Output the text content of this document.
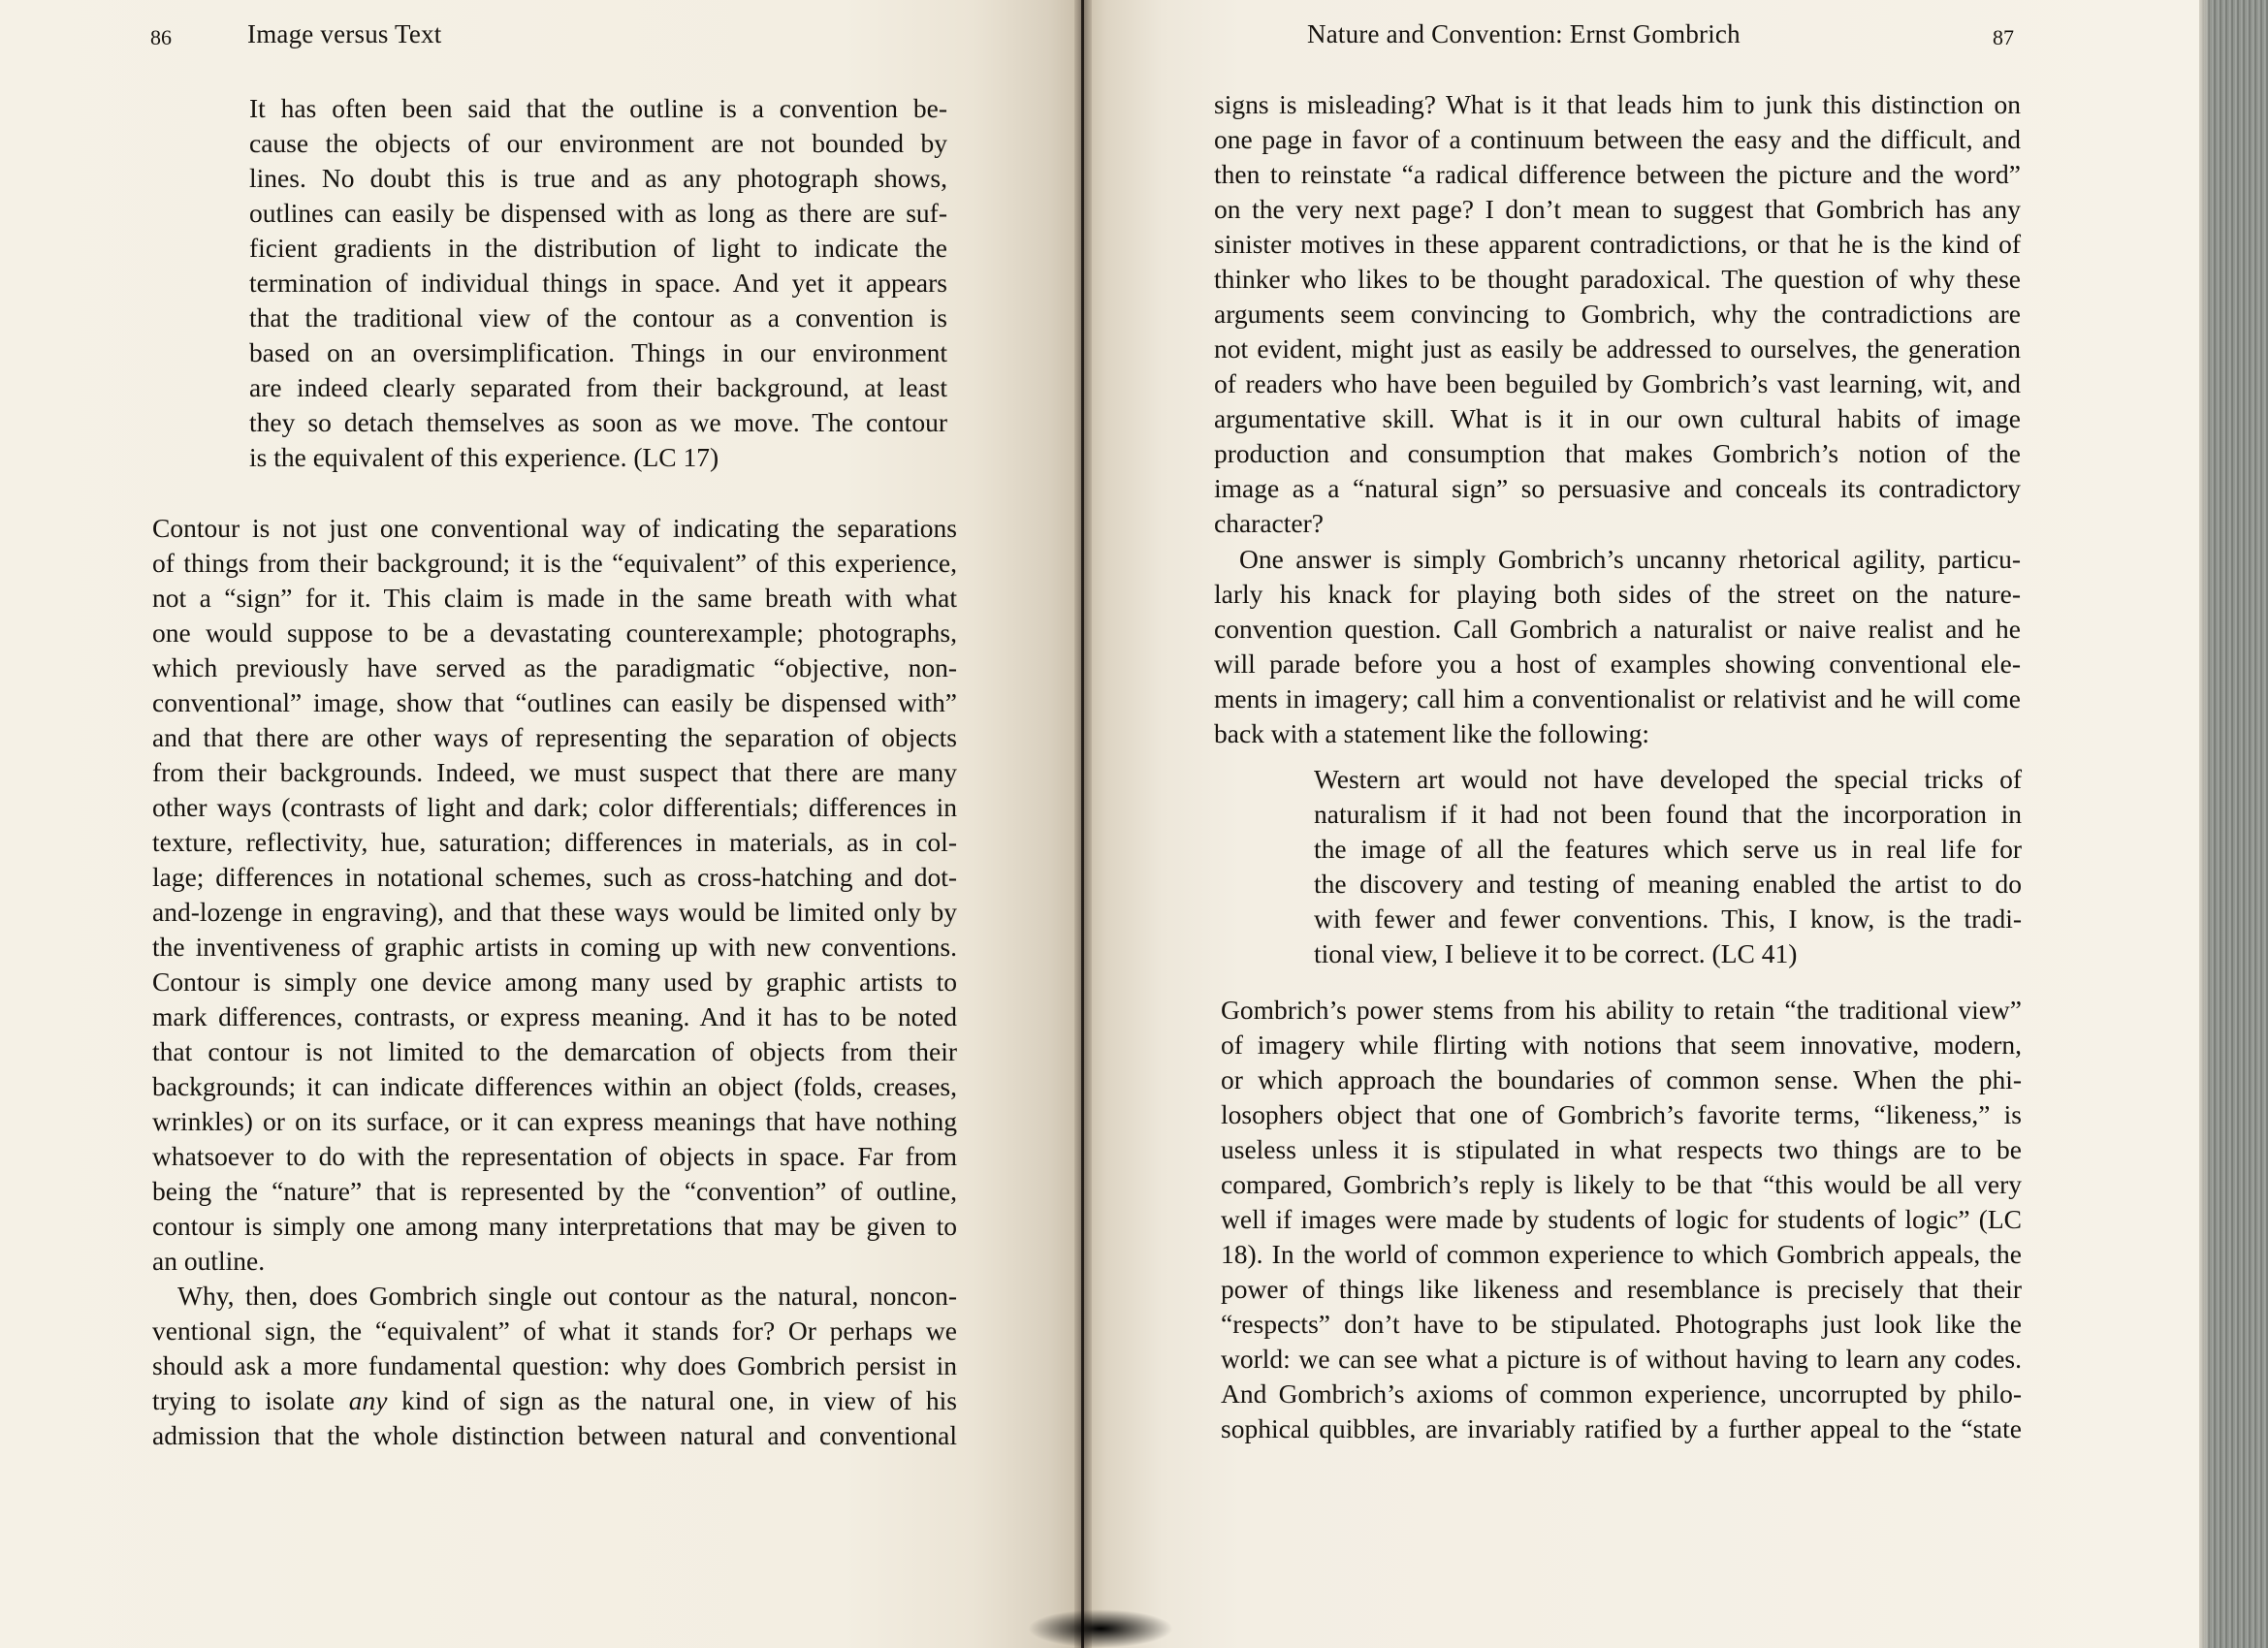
86	Image versus Text
It has often been said that the outline is a convention be-
cause the objects of our environment are not bounded by
lines. No doubt this is true and as any photograph shows,
outlines can easily be dispensed with as long as there are suf-
ficient gradients in the distribution of light to indicate the
termination of individual things in space. And yet it appears
that the traditional view of the contour as a convention is
based on an oversimplification. Things in our environment
are indeed clearly separated from their background, at least
they so detach themselves as soon as we move. The contour
is the equivalent of this experience. (LC 17)
Contour is not just one conventional way of indicating the separations
of things from their background; it is the “equivalent” of this experience,
not a “sign” for it. This claim is made in the same breath with what
one would suppose to be a devastating counterexample; photographs,
which previously have served as the paradigmatic “objective, non-
conventional” image, show that “outlines can easily be dispensed with”
and that there are other ways of representing the separation of objects
from their backgrounds. Indeed, we must suspect that there are many
other ways (contrasts of light and dark; color differentials; differences in
texture, reflectivity, hue, saturation; differences in materials, as in col-
lage; differences in notational schemes, such as cross-hatching and dot-
and-lozenge in engraving), and that these ways would be limited only by
the inventiveness of graphic artists in coming up with new conventions.
Contour is simply one device among many used by graphic artists to
mark differences, contrasts, or express meaning. And it has to be noted
that contour is not limited to the demarcation of objects from their
backgrounds; it can indicate differences within an object (folds, creases,
wrinkles) or on its surface, or it can express meanings that have nothing
whatsoever to do with the representation of objects in space. Far from
being the “nature” that is represented by the “convention” of outline,
contour is simply one among many interpretations that may be given to
an outline.
Why, then, does Gombrich single out contour as the natural, noncon-
ventional sign, the “equivalent” of what it stands for? Or perhaps we
should ask a more fundamental question: why does Gombrich persist in
trying to isolate any kind of sign as the natural one, in view of his
admission that the whole distinction between natural and conventional
Nature and Convention: Ernst Gombrich	87
signs is misleading? What is it that leads him to junk this distinction on
one page in favor of a continuum between the easy and the difficult, and
then to reinstate “a radical difference between the picture and the word”
on the very next page? I don’t mean to suggest that Gombrich has any
sinister motives in these apparent contradictions, or that he is the kind of
thinker who likes to be thought paradoxical. The question of why these
arguments seem convincing to Gombrich, why the contradictions are
not evident, might just as easily be addressed to ourselves, the generation
of readers who have been beguiled by Gombrich’s vast learning, wit, and
argumentative skill. What is it in our own cultural habits of image
production and consumption that makes Gombrich’s notion of the
image as a “natural sign” so persuasive and conceals its contradictory
character?
One answer is simply Gombrich’s uncanny rhetorical agility, particu-
larly his knack for playing both sides of the street on the nature-
convention question. Call Gombrich a naturalist or naive realist and he
will parade before you a host of examples showing conventional ele-
ments in imagery; call him a conventionalist or relativist and he will come
back with a statement like the following:
Western art would not have developed the special tricks of
naturalism if it had not been found that the incorporation in
the image of all the features which serve us in real life for
the discovery and testing of meaning enabled the artist to do
with fewer and fewer conventions. This, I know, is the tradi-
tional view, I believe it to be correct. (LC 41)
Gombrich’s power stems from his ability to retain “the traditional view”
of imagery while flirting with notions that seem innovative, modern,
or which approach the boundaries of common sense. When the phi-
losophers object that one of Gombrich’s favorite terms, “likeness,” is
useless unless it is stipulated in what respects two things are to be
compared, Gombrich’s reply is likely to be that “this would be all very
well if images were made by students of logic for students of logic” (LC
18). In the world of common experience to which Gombrich appeals, the
power of things like likeness and resemblance is precisely that their
“respects” don’t have to be stipulated. Photographs just look like the
world: we can see what a picture is of without having to learn any codes.
And Gombrich’s axioms of common experience, uncorrupted by philo-
sophical quibbles, are invariably ratified by a further appeal to the “state
